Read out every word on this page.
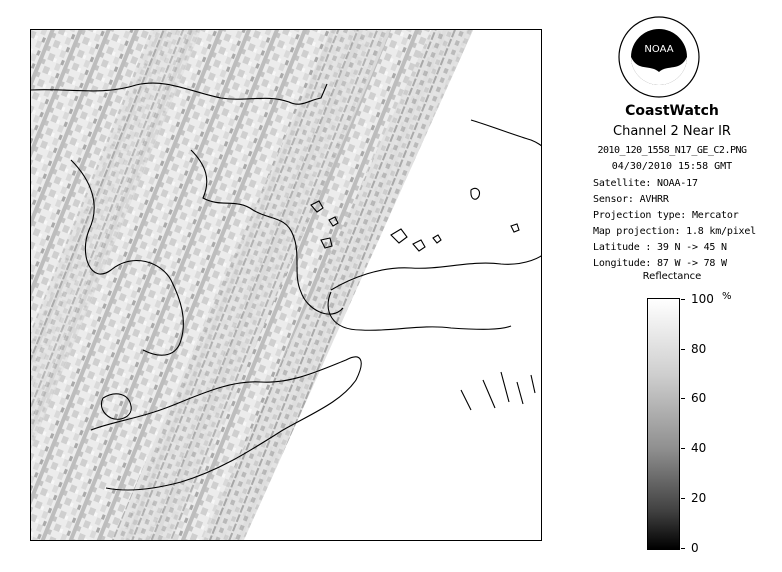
NOAA
CoastWatch
Channel 2 Near IR
2010_120_1558_N17_GE_C2.PNG
04/30/2010 15:58 GMT
Satellite: NOAA-17
Sensor: AVHRR
Projection type: Mercator
Map projection: 1.8 km/pixel
Latitude : 39 N -> 45 N
Longitude: 87 W -> 78 W
Reflectance
%
100
80
60
40
20
0
